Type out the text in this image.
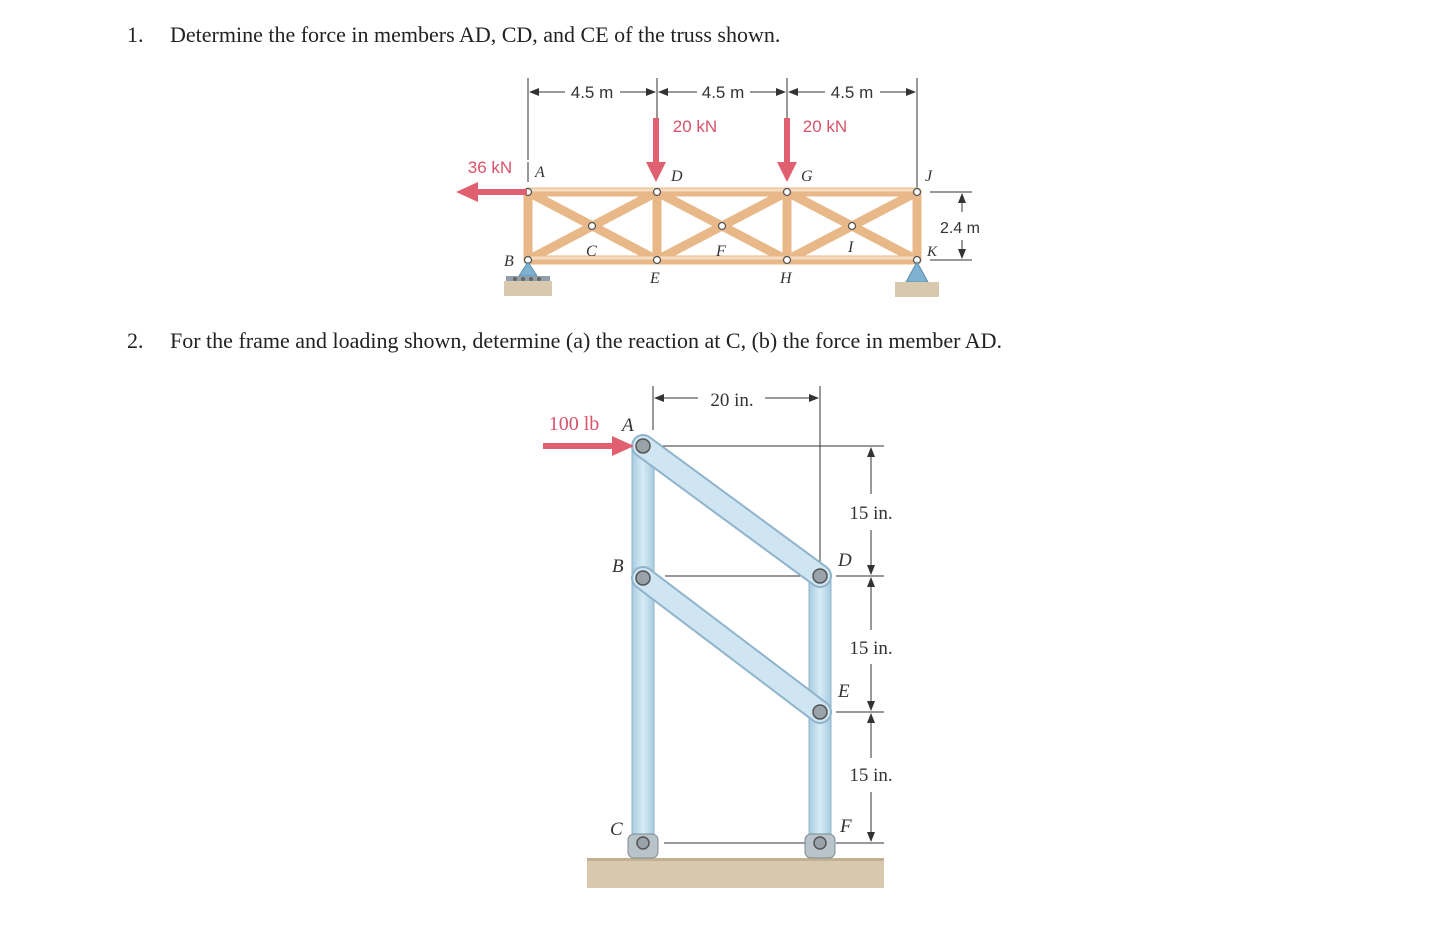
1. Determine the force in members AD, CD, and CE of the truss shown.
2. For the frame and loading shown, determine (a) the reaction at C, (b) the force in member AD.
4.5 m	4.5 m	4.5 m
2.4 m
20 kN	20 kN
36 kN A
B
C
D
E
F
G
H
I
J
K
20 in.
15 in.
15 in.
15 in.
100 lb A
B
C
D
E
F
